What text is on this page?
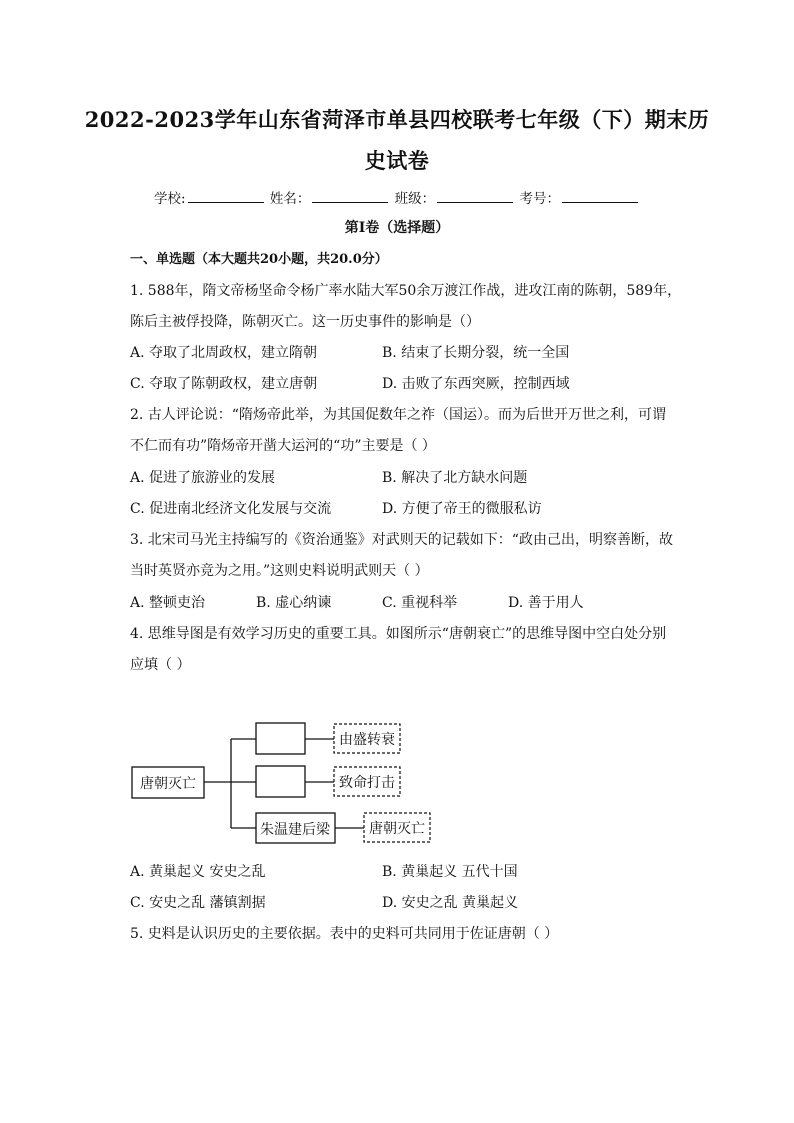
2022-2023学年山东省菏泽市单县四校联考七年级（下）期末历
史试卷
学校:	姓名：	班级：	考号：
第I卷（选择题）
一、单选题（本大题共20小题，共20.0分）
1. 588年，隋文帝杨坚命令杨广率水陆大军50余万渡江作战，进攻江南的陈朝，589年，
陈后主被俘投降，陈朝灭亡。这一历史事件的影响是（）
A. 夺取了北周政权，建立隋朝	B. 结束了长期分裂，统一全国
C. 夺取了陈朝政权，建立唐朝	D. 击败了东西突厥，控制西域
2. 古人评论说：“隋炀帝此举，为其国促数年之祚（国运）。而为后世开万世之利，可谓
不仁而有功”隋炀帝开凿大运河的“功”主要是（ ）
A. 促进了旅游业的发展	B. 解决了北方缺水问题
C. 促进南北经济文化发展与交流	D. 方便了帝王的微服私访
3. 北宋司马光主持编写的《资治通鉴》对武则天的记载如下：“政由己出，明察善断，故
当时英贤亦竞为之用。”这则史料说明武则天（ ）
A. 整顿吏治	B. 虚心纳谏	C. 重视科举	D. 善于用人
4. 思维导图是有效学习历史的重要工具。如图所示“唐朝衰亡”的思维导图中空白处分别
应填（ ）
唐朝灭亡
朱温建后梁
由盛转衰
致命打击
唐朝灭亡
A. 黄巢起义 安史之乱	B. 黄巢起义 五代十国
C. 安史之乱 藩镇割据	D. 安史之乱 黄巢起义
5. 史料是认识历史的主要依据。表中的史料可共同用于佐证唐朝（ ）
